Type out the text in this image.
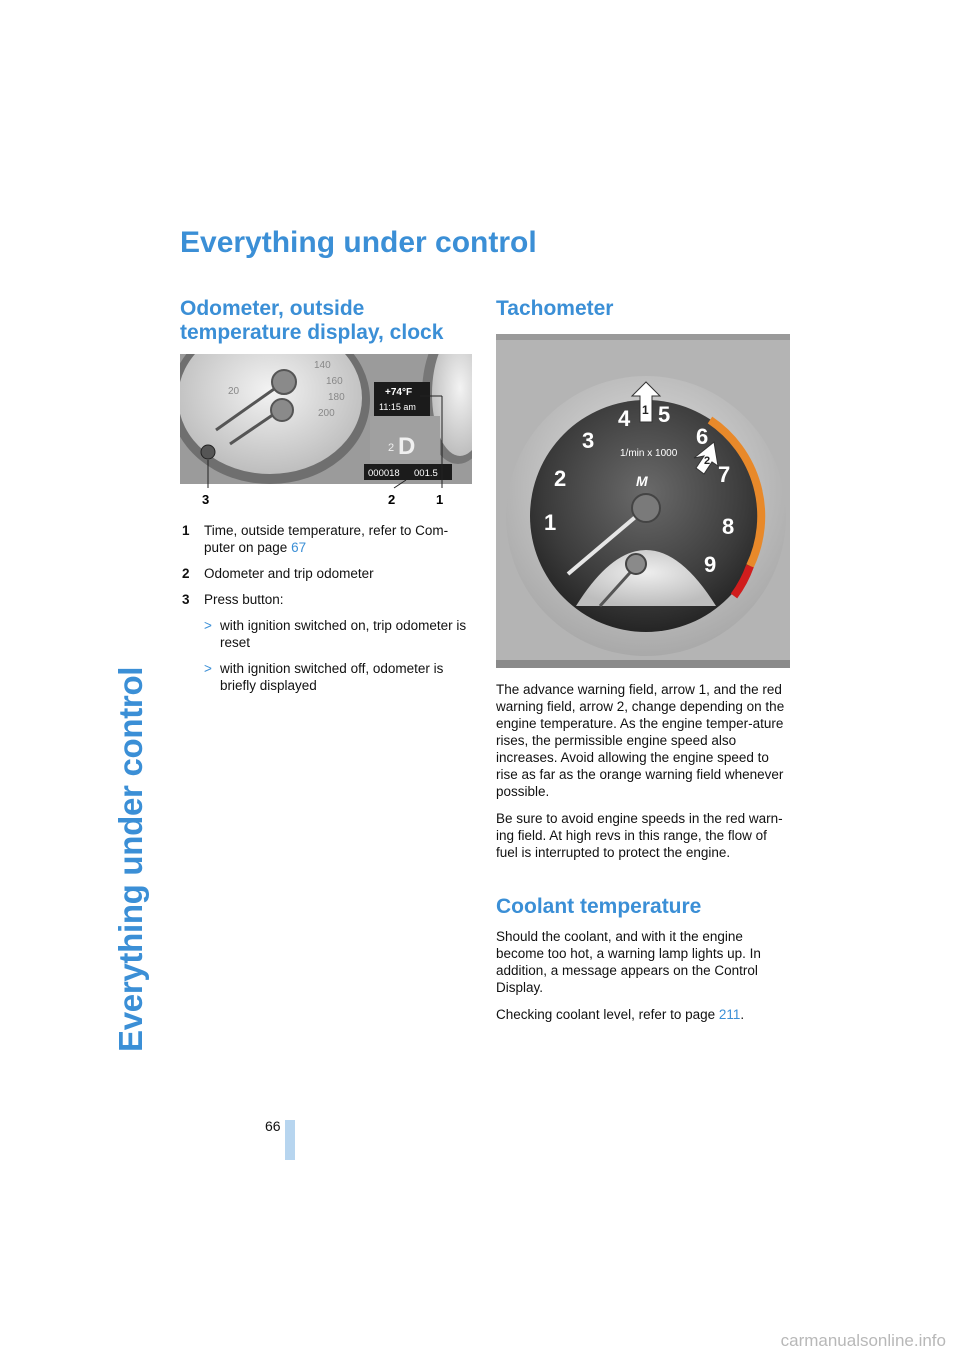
Everything under control
Everything under control
Odometer, outside
temperature display, clock
20
140
160
180
200
+74°F
11:15 am
2 D
000018 001.5
3	2	1
1	Time, outside temperature, refer to Com-puter on page 67
2	Odometer and trip odometer
3	Press button:
> with ignition switched on, trip odometer is reset
> with ignition switched off, odometer is briefly displayed
Tachometer
1
2
3
4 5
6
7
8
9
1/min x 1000
M
1
2

The advance warning field, arrow 1, and the red warning field, arrow 2, change depending on the engine temperature. As the engine temper-ature rises, the permissible engine speed also increases. Avoid allowing the engine speed to rise as far as the orange warning field whenever possible.

Be sure to avoid engine speeds in the red warn-ing field. At high revs in this range, the flow of fuel is interrupted to protect the engine.

Coolant temperature

Should the coolant, and with it the engine become too hot, a warning lamp lights up. In addition, a message appears on the Control Display.

Checking coolant level, refer to page 211.

66
carmanualsonline.info
